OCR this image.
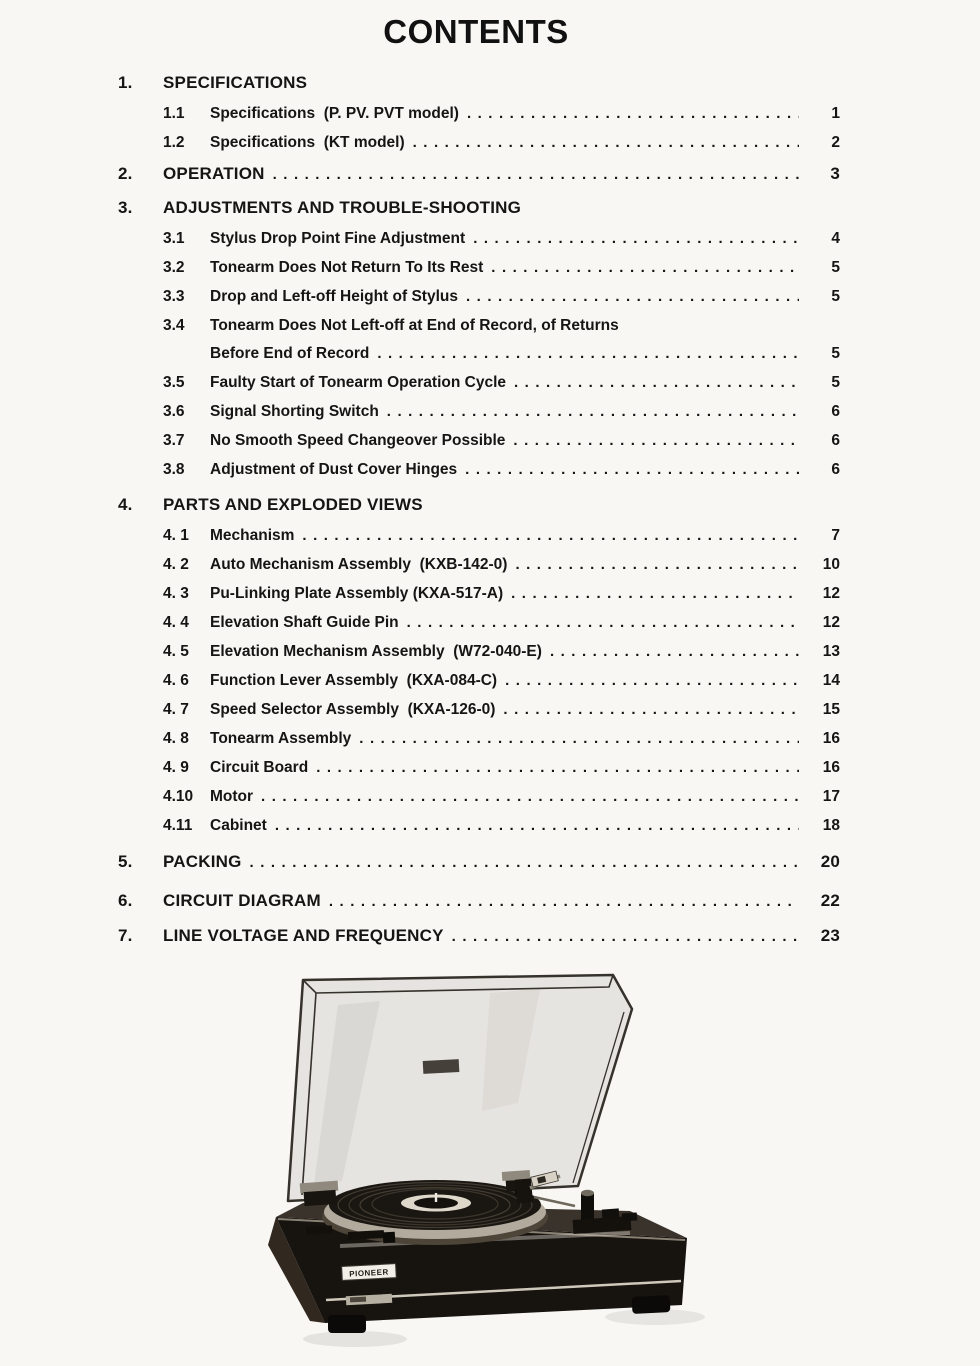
CONTENTS
1.	SPECIFICATIONS
1.1	Specifications  (P. PV. PVT model) .....	1
1.2	Specifications  (KT model) .....	2
2.	OPERATION .....	3
3.	ADJUSTMENTS AND TROUBLE-SHOOTING
3.1	Stylus Drop Point Fine Adjustment .....	4
3.2	Tonearm Does Not Return To Its Rest .....	5
3.3	Drop and Left-off Height of Stylus .....	5
3.4	Tonearm Does Not Left-off at End of Record, of Returns
Before End of Record .....	5
3.5	Faulty Start of Tonearm Operation Cycle .....	5
3.6	Signal Shorting Switch .....	6
3.7	No Smooth Speed Changeover Possible .....	6
3.8	Adjustment of Dust Cover Hinges .....	6
4.	PARTS AND EXPLODED VIEWS
4. 1	Mechanism .....	7
4. 2	Auto Mechanism Assembly  (KXB-142-0) .....	10
4. 3	Pu-Linking Plate Assembly (KXA-517-A) .....	12
4. 4	Elevation Shaft Guide Pin .....	12
4. 5	Elevation Mechanism Assembly  (W72-040-E) .....	13
4. 6	Function Lever Assembly  (KXA-084-C) .....	14
4. 7	Speed Selector Assembly  (KXA-126-0) .....	15
4. 8	Tonearm Assembly .....	16
4. 9	Circuit Board .....	16
4.10	Motor .....	17
4.11	Cabinet .....	18
5.	PACKING .....	20
6.	CIRCUIT DIAGRAM .....	22
7.	LINE VOLTAGE AND FREQUENCY .....	23
PIONEER
